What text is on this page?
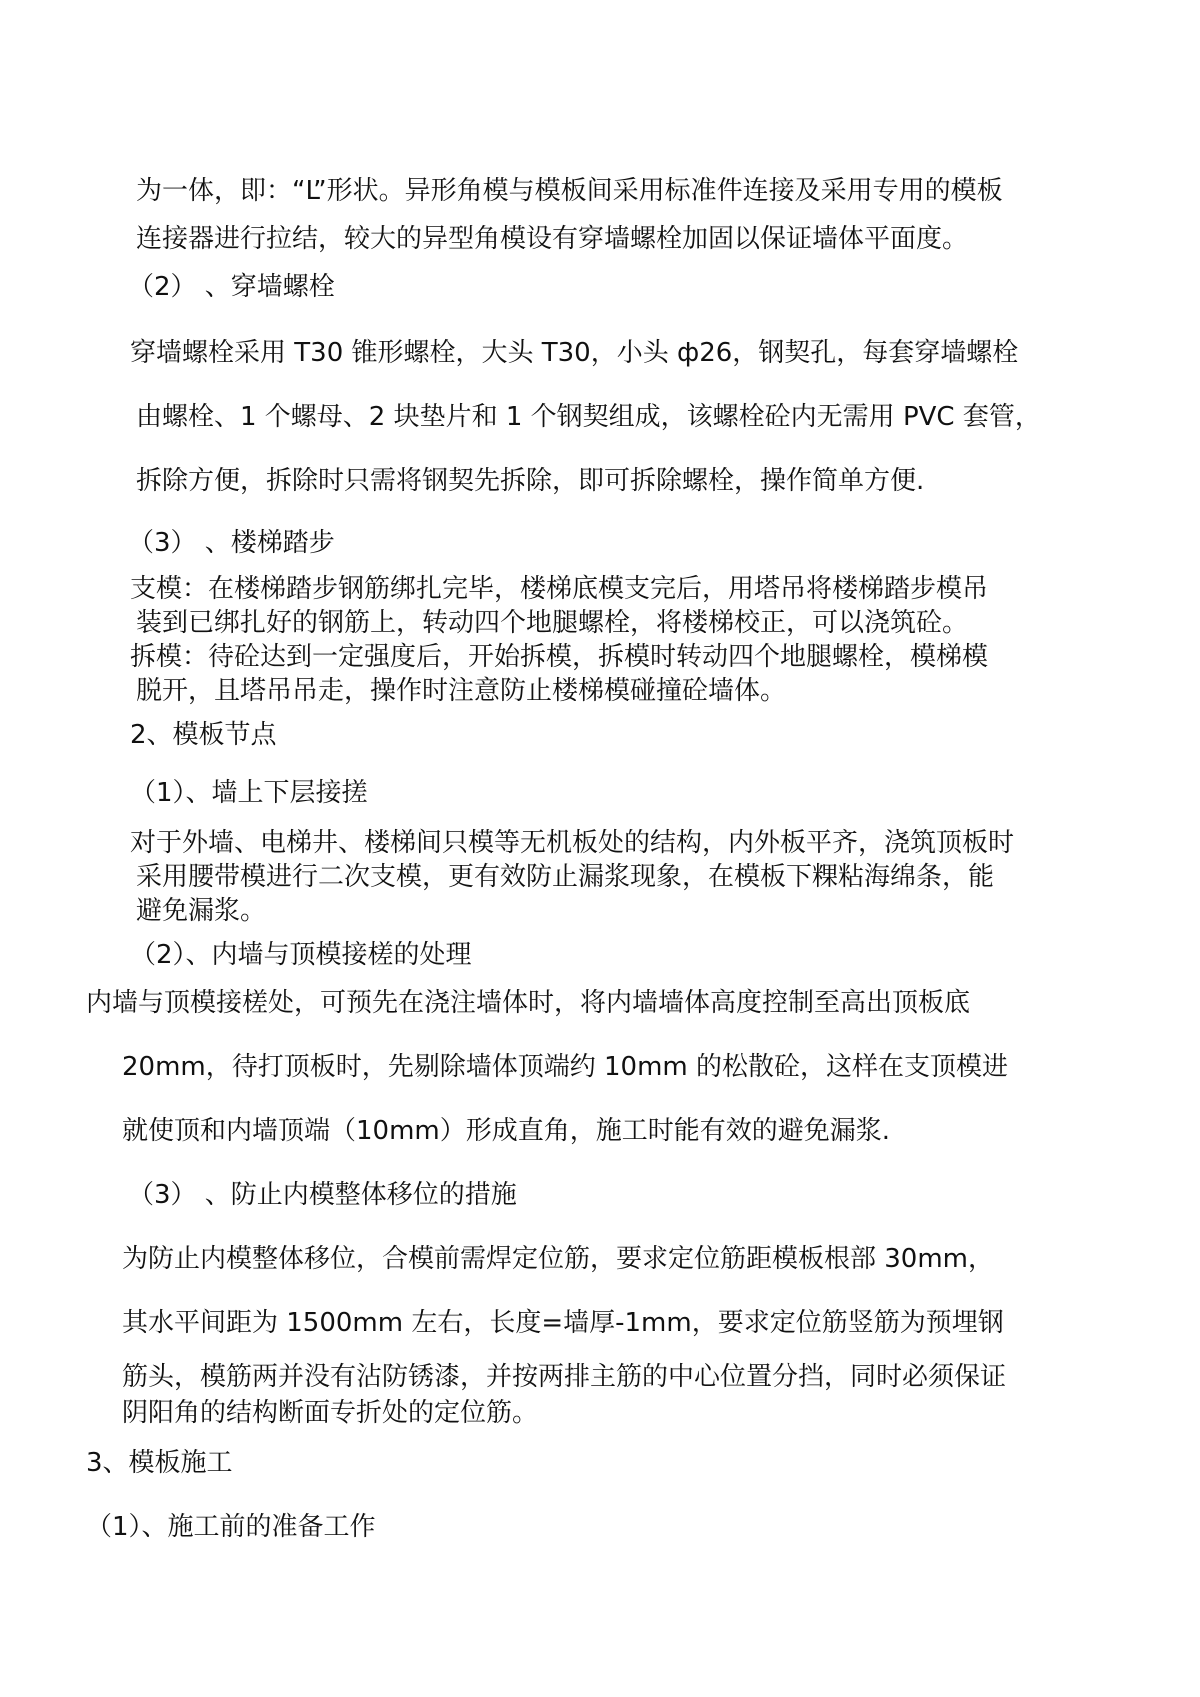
为一体，即：“L”形状。异形角模与模板间采用标准件连接及采用专用的模板
连接器进行拉结，较大的异型角模设有穿墙螺栓加固以保证墙体平面度。
（2） 、穿墙螺栓
穿墙螺栓采用 T30 锥形螺栓，大头 T30，小头 ф26，钢契孔，每套穿墙螺栓
由螺栓、1 个螺母、2 块垫片和 1 个钢契组成，该螺栓砼内无需用 PVC 套管，
拆除方便，拆除时只需将钢契先拆除，即可拆除螺栓，操作简单方便.
（3） 、楼梯踏步
支模：在楼梯踏步钢筋绑扎完毕，楼梯底模支完后，用塔吊将楼梯踏步模吊
装到已绑扎好的钢筋上，转动四个地腿螺栓，将楼梯校正，可以浇筑砼。
拆模：待砼达到一定强度后，开始拆模，拆模时转动四个地腿螺栓，模梯模
脱开，且塔吊吊走，操作时注意防止楼梯模碰撞砼墙体。
2、模板节点
（1）、墙上下层接搓
对于外墙、电梯井、楼梯间只模等无机板处的结构，内外板平齐，浇筑顶板时
采用腰带模进行二次支模，更有效防止漏浆现象，在模板下粿粘海绵条，能
避免漏浆。
（2）、内墙与顶模接槎的处理
内墙与顶模接槎处，可预先在浇注墙体时，将内墙墙体高度控制至高出顶板底
20mm，待打顶板时，先剔除墙体顶端约 10mm 的松散砼，这样在支顶模进
就使顶和内墙顶端（10mm）形成直角，施工时能有效的避免漏浆.
（3） 、防止内模整体移位的措施
为防止内模整体移位，合模前需焊定位筋，要求定位筋距模板根部 30mm，
其水平间距为 1500mm 左右，长度=墙厚-1mm，要求定位筋竖筋为预埋钢
筋头，模筋两并没有沾防锈漆，并按两排主筋的中心位置分挡，同时必须保证
阴阳角的结构断面专折处的定位筋。
3、模板施工
（1）、施工前的准备工作
